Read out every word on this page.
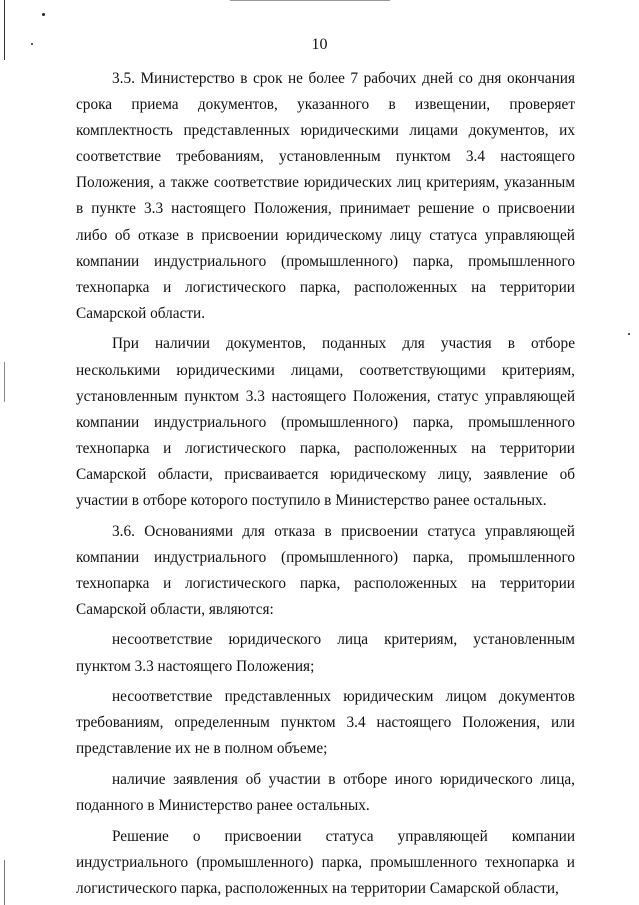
10

3.5. Министерство в срок не более 7 рабочих дней со дня окончания срока приема документов, указанного в извещении, проверяет комплектность представленных юридическими лицами документов, их соответствие требованиям, установленным пунктом 3.4 настоящего Положения, а также соответствие юридических лиц критериям, указанным в пункте 3.3 настоящего Положения, принимает решение о присвоении либо об отказе в присвоении юридическому лицу статуса управляющей компании индустриального (промышленного) парка, промышленного технопарка и логистического парка, расположенных на территории Самарской области.

При наличии документов, поданных для участия в отборе несколькими юридическими лицами, соответствующими критериям, установленным пунктом 3.3 настоящего Положения, статус управляющей компании индустриального (промышленного) парка, промышленного технопарка и логистического парка, расположенных на территории Самарской области, присваивается юридическому лицу, заявление об участии в отборе которого поступило в Министерство ранее остальных.

3.6. Основаниями для отказа в присвоении статуса управляющей компании индустриального (промышленного) парка, промышленного технопарка и логистического парка, расположенных на территории Самарской области, являются:

несоответствие юридического лица критериям, установленным пунктом 3.3 настоящего Положения;

несоответствие представленных юридическим лицом документов требованиям, определенным пунктом 3.4 настоящего Положения, или представление их не в полном объеме;

наличие заявления об участии в отборе иного юридического лица, поданного в Министерство ранее остальных.

Решение о присвоении статуса управляющей компании индустриального (промышленного) парка, промышленного технопарка и логистического парка, расположенных на территории Самарской области,
